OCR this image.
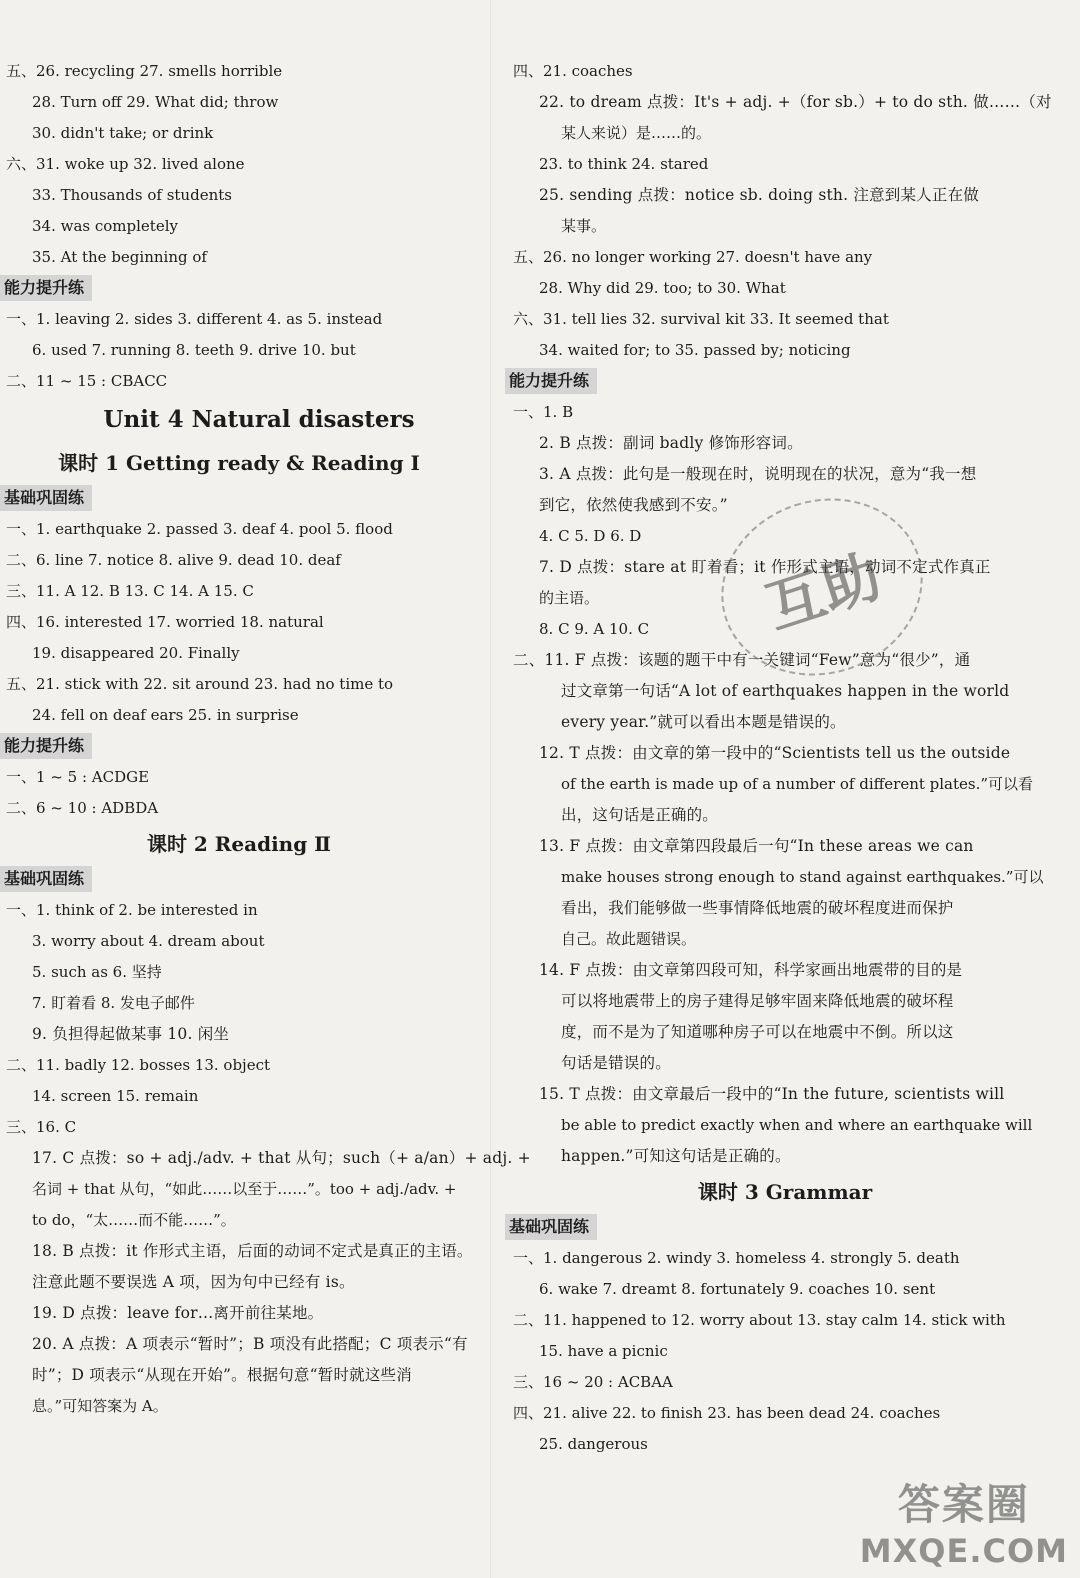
五、26. recycling 27. smells horrible
28. Turn off 29. What did; throw
30. didn't take; or drink
六、31. woke up 32. lived alone
33. Thousands of students
34. was completely
35. At the beginning of
能力提升练
一、1. leaving 2. sides 3. different 4. as 5. instead
6. used 7. running 8. teeth 9. drive 10. but
二、11 ~ 15 : CBACC
Unit 4 Natural disasters
课时 1 Getting ready & Reading Ⅰ
基础巩固练
一、1. earthquake 2. passed 3. deaf 4. pool 5. flood
二、6. line 7. notice 8. alive 9. dead 10. deaf
三、11. A 12. B 13. C 14. A 15. C
四、16. interested 17. worried 18. natural
19. disappeared 20. Finally
五、21. stick with 22. sit around 23. had no time to
24. fell on deaf ears 25. in surprise
能力提升练
一、1 ~ 5 : ACDGE
二、6 ~ 10 : ADBDA
课时 2 Reading Ⅱ
基础巩固练
一、1. think of 2. be interested in
3. worry about 4. dream about
5. such as 6. 坚持
7. 盯着看 8. 发电子邮件
9. 负担得起做某事 10. 闲坐
二、11. badly 12. bosses 13. object
14. screen 15. remain
三、16. C
17. C 点拨：so + adj./adv. + that 从句；such（+ a/an）+ adj. +
名词 + that 从句，“如此……以至于……”。too + adj./adv. +
to do，“太……而不能……”。
18. B 点拨：it 作形式主语，后面的动词不定式是真正的主语。
注意此题不要误选 A 项，因为句中已经有 is。
19. D 点拨：leave for…离开前往某地。
20. A 点拨：A 项表示“暂时”；B 项没有此搭配；C 项表示“有
时”；D 项表示“从现在开始”。根据句意“暂时就这些消
息。”可知答案为 A。
四、21. coaches
22. to dream 点拨：It's + adj. +（for sb.）+ to do sth. 做……（对
某人来说）是……的。
23. to think 24. stared
25. sending 点拨：notice sb. doing sth. 注意到某人正在做
某事。
五、26. no longer working 27. doesn't have any
28. Why did 29. too; to 30. What
六、31. tell lies 32. survival kit 33. It seemed that
34. waited for; to 35. passed by; noticing
能力提升练
一、1. B
2. B 点拨：副词 badly 修饰形容词。
3. A 点拨：此句是一般现在时，说明现在的状况，意为“我一想
到它，依然使我感到不安。”
4. C 5. D 6. D
7. D 点拨：stare at 盯着看；it 作形式主语，动词不定式作真正
的主语。
8. C 9. A 10. C
二、11. F 点拨：该题的题干中有一关键词“Few”意为“很少”，通
过文章第一句话“A lot of earthquakes happen in the world
every year.”就可以看出本题是错误的。
12. T 点拨：由文章的第一段中的“Scientists tell us the outside
of the earth is made up of a number of different plates.”可以看
出，这句话是正确的。
13. F 点拨：由文章第四段最后一句“In these areas we can
make houses strong enough to stand against earthquakes.”可以
看出，我们能够做一些事情降低地震的破坏程度进而保护
自己。故此题错误。
14. F 点拨：由文章第四段可知，科学家画出地震带的目的是
可以将地震带上的房子建得足够牢固来降低地震的破坏程
度，而不是为了知道哪种房子可以在地震中不倒。所以这
句话是错误的。
15. T 点拨：由文章最后一段中的“In the future, scientists will
be able to predict exactly when and where an earthquake will
happen.”可知这句话是正确的。
课时 3 Grammar
基础巩固练
一、1. dangerous 2. windy 3. homeless 4. strongly 5. death
6. wake 7. dreamt 8. fortunately 9. coaches 10. sent
二、11. happened to 12. worry about 13. stay calm 14. stick with
15. have a picnic
三、16 ~ 20 : ACBAA
四、21. alive 22. to finish 23. has been dead 24. coaches
25. dangerous
互助
答案圈
MXQE.COM
